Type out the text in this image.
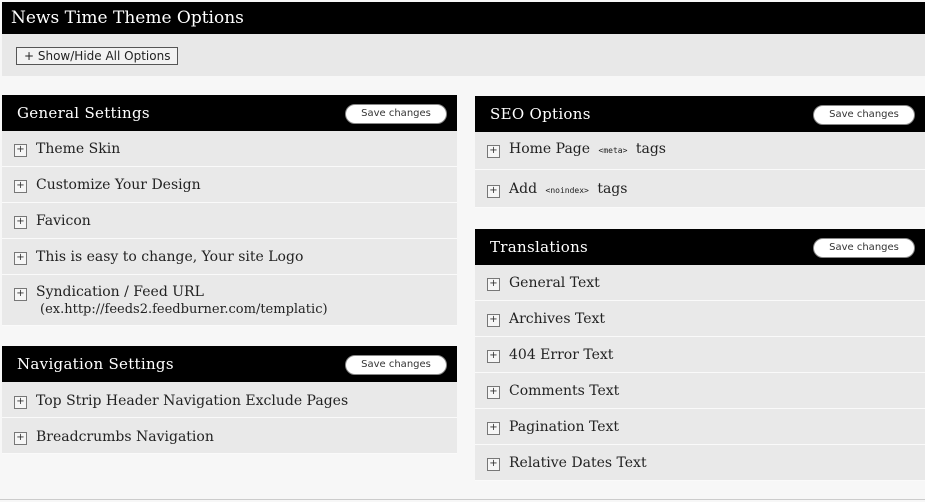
News Time Theme Options
+ Show/Hide All Options
General Settings	Save changes
+ Theme Skin
+ Customize Your Design
+ Favicon
+ This is easy to change, Your site Logo
+ Syndication / Feed URL
(ex.http://feeds2.feedburner.com/templatic)
Navigation Settings	Save changes
+ Top Strip Header Navigation Exclude Pages
+ Breadcrumbs Navigation
SEO Options	Save changes
+ Home Page <meta> tags
+ Add <noindex> tags
Translations	Save changes
+ General Text
+ Archives Text
+ 404 Error Text
+ Comments Text
+ Pagination Text
+ Relative Dates Text
